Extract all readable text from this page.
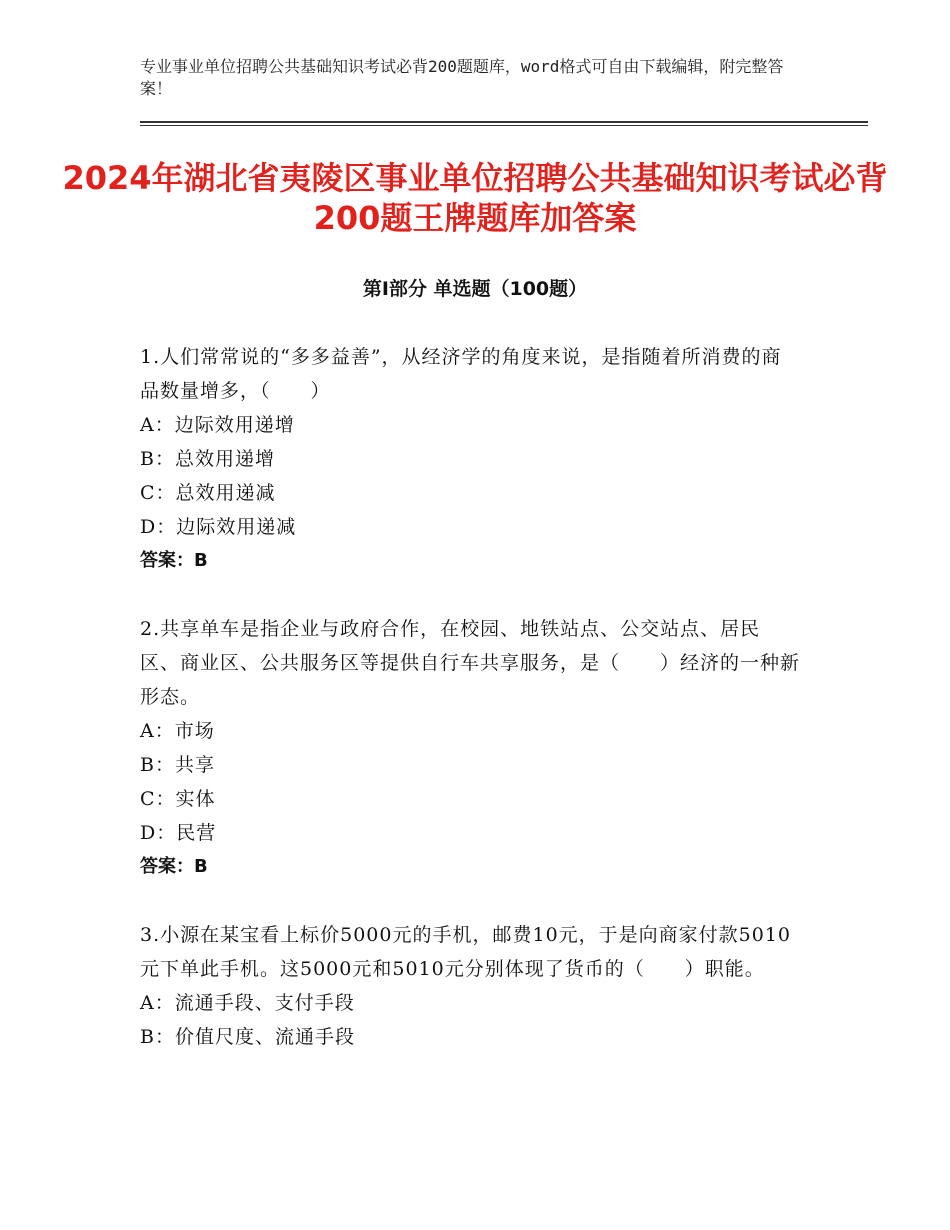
专业事业单位招聘公共基础知识考试必背200题题库，word格式可自由下载编辑，附完整答案！
2024年湖北省夷陵区事业单位招聘公共基础知识考试必背200题王牌题库加答案
第Ⅰ部分 单选题（100题）
1.人们常常说的“多多益善”，从经济学的角度来说，是指随着所消费的商品数量增多，（　　）
A：边际效用递增
B：总效用递增
C：总效用递减
D：边际效用递减
答案：B
2.共享单车是指企业与政府合作，在校园、地铁站点、公交站点、居民区、商业区、公共服务区等提供自行车共享服务，是（　　）经济的一种新形态。
A：市场
B：共享
C：实体
D：民营
答案：B
3.小源在某宝看上标价5000元的手机，邮费10元，于是向商家付款5010元下单此手机。这5000元和5010元分别体现了货币的（　　）职能。
A：流通手段、支付手段
B：价值尺度、流通手段
